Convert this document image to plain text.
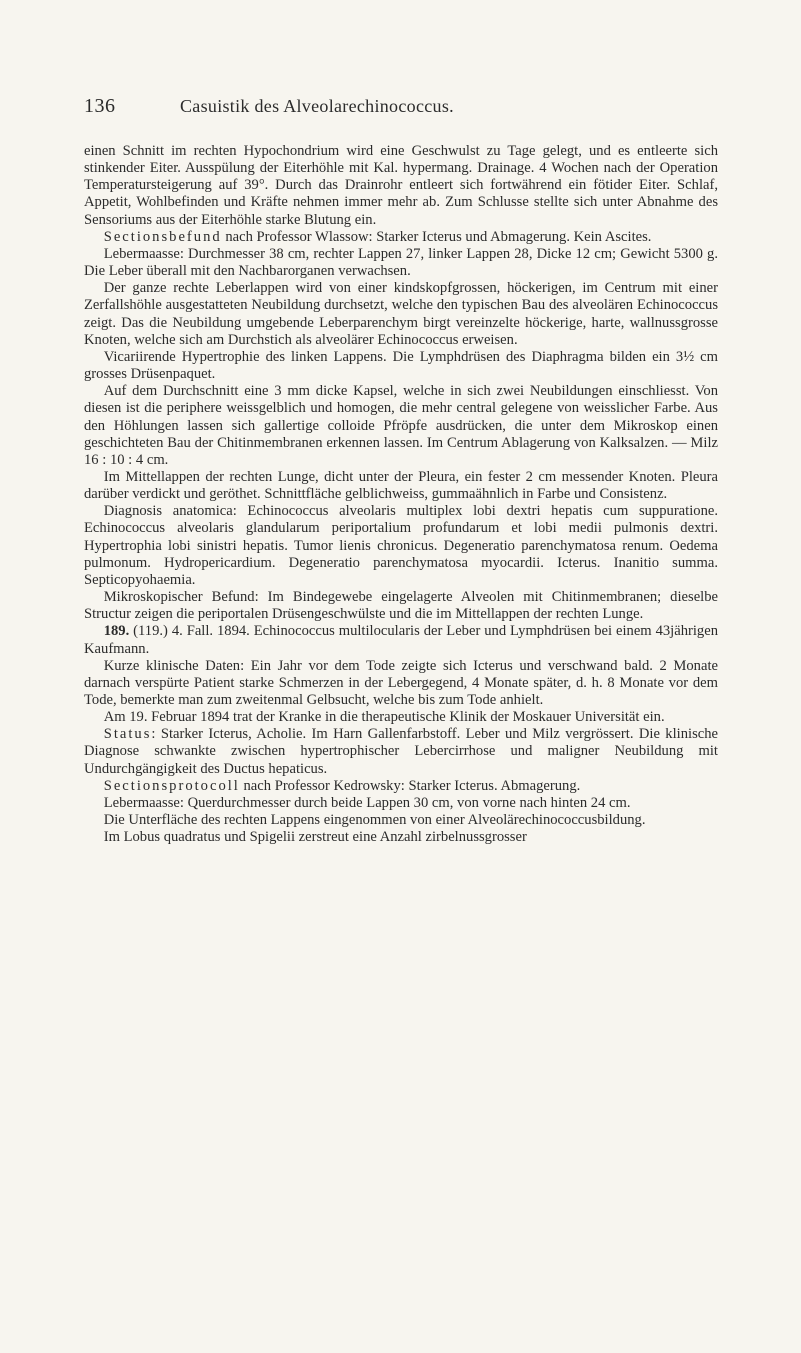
136	Casuistik des Alveolarechinococcus.

einen Schnitt im rechten Hypochondrium wird eine Geschwulst zu Tage gelegt, und es entleerte sich stinkender Eiter. Ausspülung der Eiterhöhle mit Kal. hypermang. Drainage. 4 Wochen nach der Operation Temperatursteigerung auf 39°. Durch das Drainrohr entleert sich fortwährend ein fötider Eiter. Schlaf, Appetit, Wohlbefinden und Kräfte nehmen immer mehr ab. Zum Schlusse stellte sich unter Abnahme des Sensoriums aus der Eiterhöhle starke Blutung ein.

Sectionsbefund nach Professor Wlassow: Starker Icterus und Abmagerung. Kein Ascites.

Lebermaasse: Durchmesser 38 cm, rechter Lappen 27, linker Lappen 28, Dicke 12 cm; Gewicht 5300 g. Die Leber überall mit den Nachbarorganen verwachsen.

Der ganze rechte Leberlappen wird von einer kindskopfgrossen, höckerigen, im Centrum mit einer Zerfallshöhle ausgestatteten Neubildung durchsetzt, welche den typischen Bau des alveolären Echinococcus zeigt. Das die Neubildung umgebende Leberparenchym birgt vereinzelte höckerige, harte, wallnussgrosse Knoten, welche sich am Durchstich als alveolärer Echinococcus erweisen.

Vicariirende Hypertrophie des linken Lappens. Die Lymphdrüsen des Diaphragma bilden ein 3½ cm grosses Drüsenpaquet.

Auf dem Durchschnitt eine 3 mm dicke Kapsel, welche in sich zwei Neubildungen einschliesst. Von diesen ist die periphere weissgelblich und homogen, die mehr central gelegene von weisslicher Farbe. Aus den Höhlungen lassen sich gallertige colloide Pfröpfe ausdrücken, die unter dem Mikroskop einen geschichteten Bau der Chitinmembranen erkennen lassen. Im Centrum Ablagerung von Kalksalzen. — Milz 16 : 10 : 4 cm.

Im Mittellappen der rechten Lunge, dicht unter der Pleura, ein fester 2 cm messender Knoten. Pleura darüber verdickt und geröthet. Schnittfläche gelblichweiss, gummaähnlich in Farbe und Consistenz.

Diagnosis anatomica: Echinococcus alveolaris multiplex lobi dextri hepatis cum suppuratione. Echinococcus alveolaris glandularum periportalium profundarum et lobi medii pulmonis dextri. Hypertrophia lobi sinistri hepatis. Tumor lienis chronicus. Degeneratio parenchymatosa renum. Oedema pulmonum. Hydropericardium. Degeneratio parenchymatosa myocardii. Icterus. Inanitio summa. Septicopyohaemia.

Mikroskopischer Befund: Im Bindegewebe eingelagerte Alveolen mit Chitinmembranen; dieselbe Structur zeigen die periportalen Drüsengeschwülste und die im Mittellappen der rechten Lunge.

189. (119.) 4. Fall. 1894. Echinococcus multilocularis der Leber und Lymphdrüsen bei einem 43jährigen Kaufmann.

Kurze klinische Daten: Ein Jahr vor dem Tode zeigte sich Icterus und verschwand bald. 2 Monate darnach verspürte Patient starke Schmerzen in der Lebergegend, 4 Monate später, d. h. 8 Monate vor dem Tode, bemerkte man zum zweitenmal Gelbsucht, welche bis zum Tode anhielt.

Am 19. Februar 1894 trat der Kranke in die therapeutische Klinik der Moskauer Universität ein.

Status: Starker Icterus, Acholie. Im Harn Gallenfarbstoff. Leber und Milz vergrössert. Die klinische Diagnose schwankte zwischen hypertrophischer Lebercirrhose und maligner Neubildung mit Undurchgängigkeit des Ductus hepaticus.

Sectionsprotocoll nach Professor Kedrowsky: Starker Icterus. Abmagerung.

Lebermaasse: Querdurchmesser durch beide Lappen 30 cm, von vorne nach hinten 24 cm.

Die Unterfläche des rechten Lappens eingenommen von einer Alveolärechinococcusbildung.

Im Lobus quadratus und Spigelii zerstreut eine Anzahl zirbelnussgrosser
